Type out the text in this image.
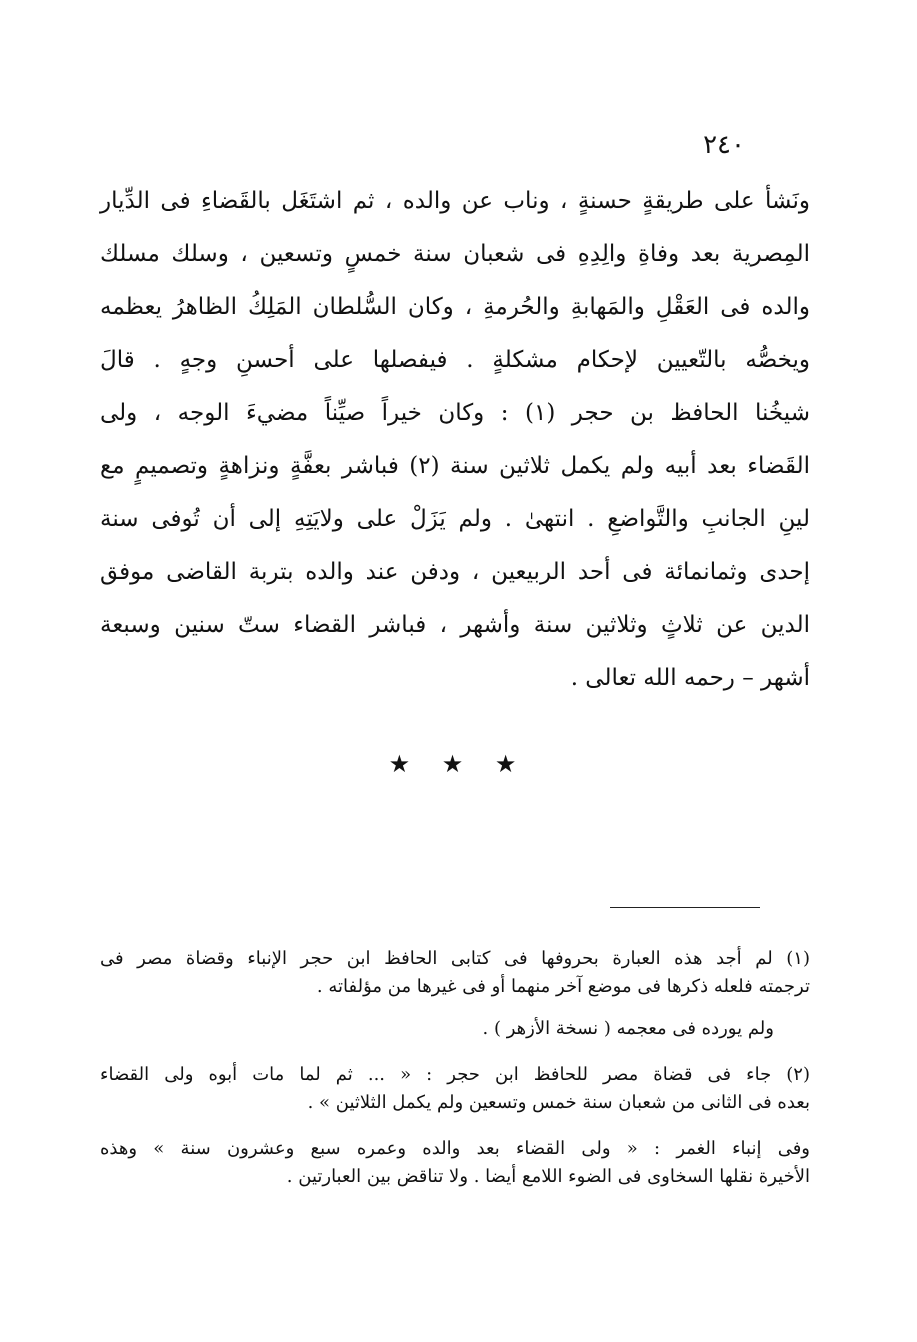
٢٤٠
ونَشأ على طريقةٍ حسنةٍ ، وناب عن والده ، ثم اشتَغَل بالقَضاءِ فى الدِّيار
المِصرية بعد وفاةِ والِدِهِ فى شعبان سنة خمسٍ وتسعين ، وسلك مسلك
والده فى العَقْلِ والمَهابةِ والحُرمةِ ، وكان السُّلطان المَلِكُ الظاهرُ يعظمه
ويخصُّه بالتّعيين لإحكام مشكلةٍ . فيفصلها على أحسنِ وجهٍ . قالَ
شيخُنا الحافظ بن حجر (١) : وكان خيراً صيِّناً مضيءَ الوجه ، ولى
القَضاء بعد أبيه ولم يكمل ثلاثين سنة (٢) فباشر بعفَّةٍ ونزاهةٍ وتصميمٍ مع
لينِ الجانبِ والتَّواضعِ . انتهىٰ . ولم يَزَلْ على ولايَتِهِ إلى أن تُوفى سنة
إحدى وثمانمائة فى أحد الربيعين ، ودفن عند والده بتربة القاضى موفق
الدين عن ثلاثٍ وثلاثين سنة وأشهر ، فباشر القضاء ستّ سنين وسبعة
أشهر – رحمه الله تعالى .
★ ★ ★
(١) لم أجد هذه العبارة بحروفها فى كتابى الحافظ ابن حجر الإنباء وقضاة مصر فى
ترجمته فلعله ذكرها فى موضع آخر منهما أو فى غيرها من مؤلفاته .
ولم يورده فى معجمه ( نسخة الأزهر ) .
(٢) جاء فى قضاة مصر للحافظ ابن حجر : « ... ثم لما مات أبوه ولى القضاء
بعده فى الثانى من شعبان سنة خمس وتسعين ولم يكمل الثلاثين » .
وفى إنباء الغمر : « ولى القضاء بعد والده وعمره سبع وعشرون سنة » وهذه
الأخيرة نقلها السخاوى فى الضوء اللامع أيضا . ولا تناقض بين العبارتين .
